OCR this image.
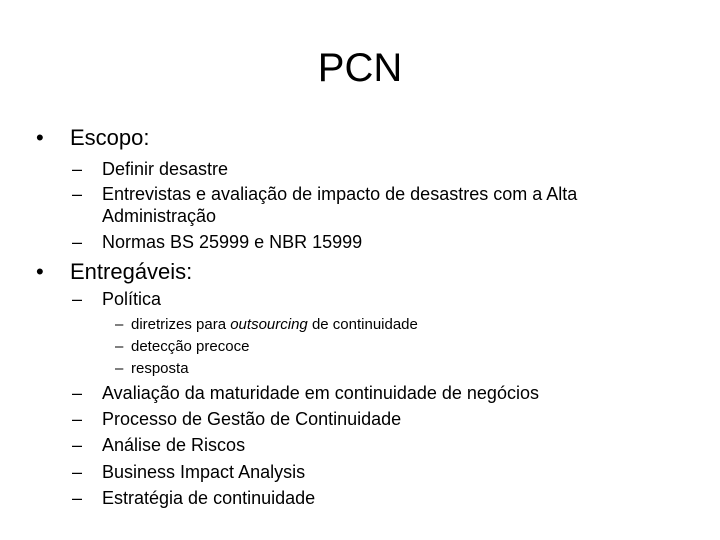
PCN
• Escopo:
– Definir desastre
– Entrevistas e avaliação de impacto de desastres com a Alta
Administração
– Normas BS 25999 e NBR 15999
• Entregáveis:
– Política
– diretrizes para outsourcing de continuidade
– detecção precoce
– resposta
– Avaliação da maturidade em continuidade de negócios
– Processo de Gestão de Continuidade
– Análise de Riscos
– Business Impact Analysis
– Estratégia de continuidade
